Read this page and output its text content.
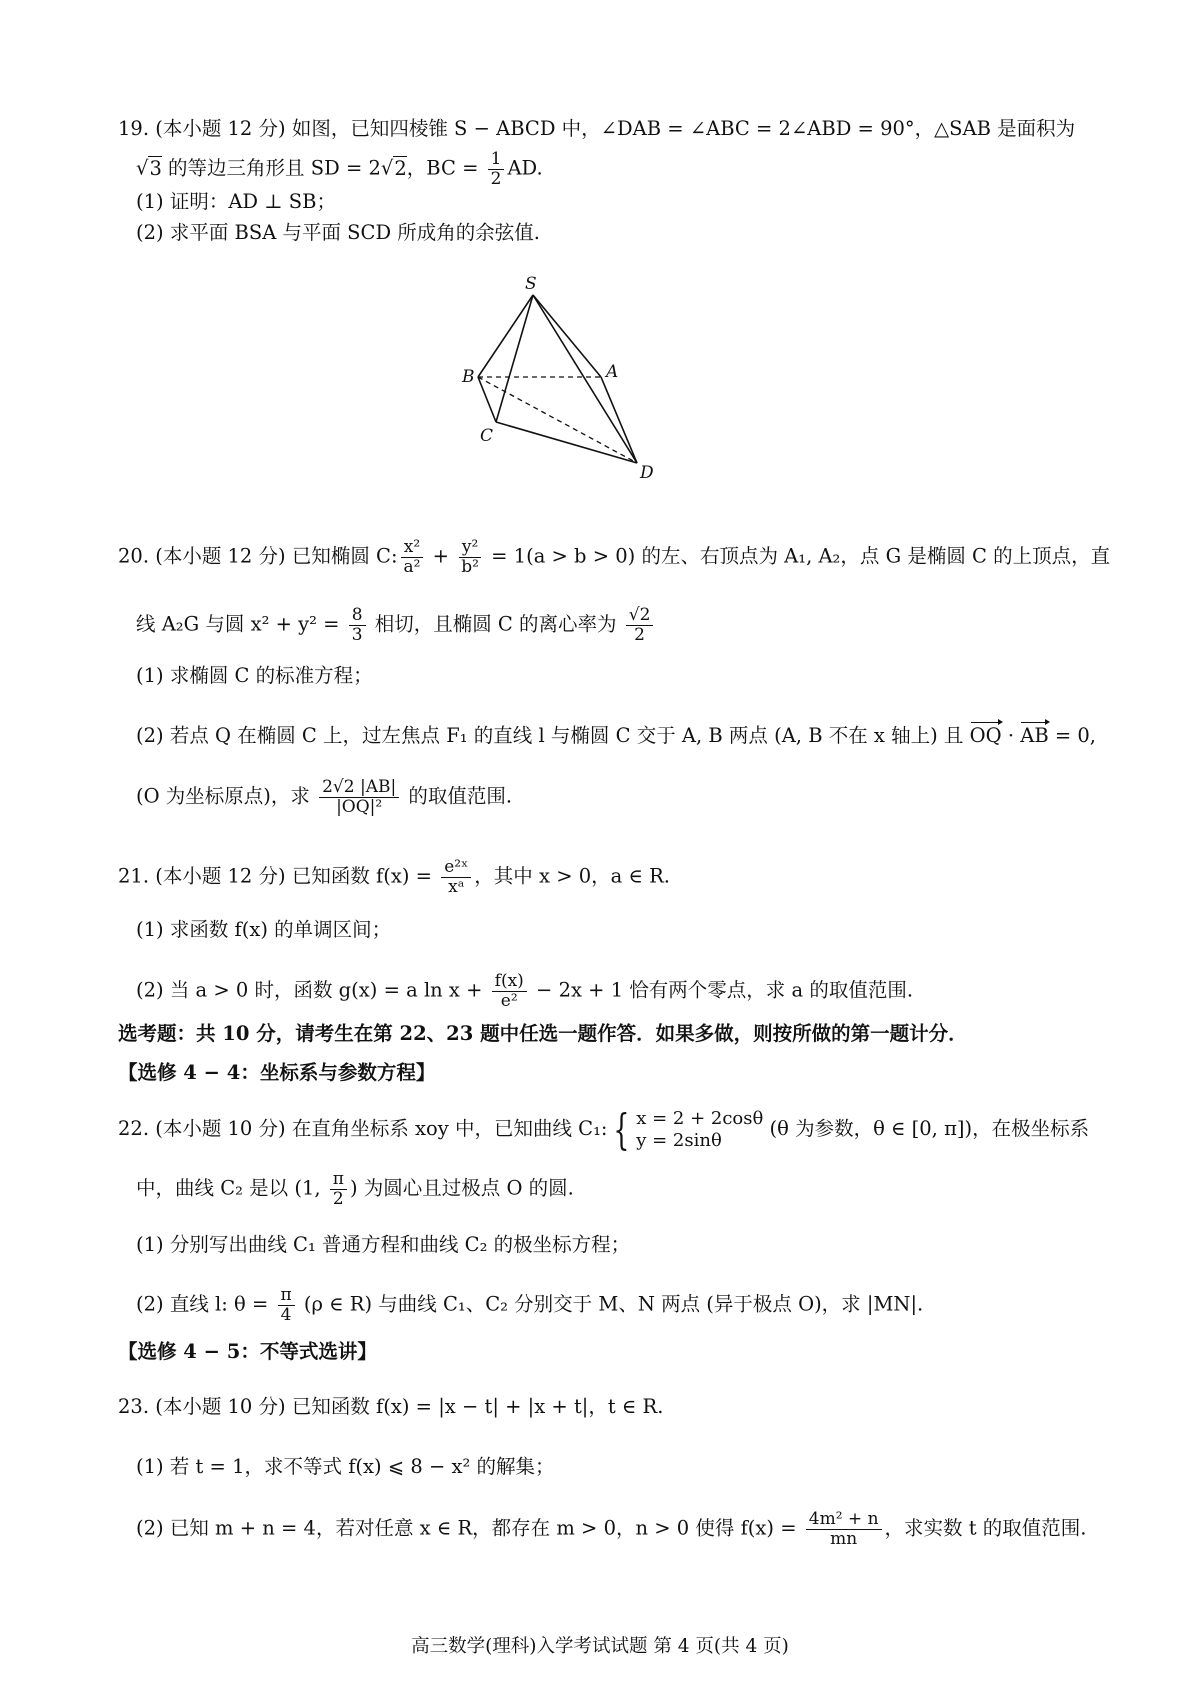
19. (本小题 12 分) 如图，已知四棱锥 S − ABCD 中，∠DAB = ∠ABC = 2∠ABD = 90°，△SAB 是面积为
√3 的等边三角形且 SD = 2√2，BC = $\frac{1}{2}$ AD.
(1) 证明：AD ⊥ SB；
(2) 求平面 BSA 与平面 SCD 所成角的余弦值.
S
A
B
C
D
20. (本小题 12 分) 已知椭圆 C: $\frac{\text{x²}}{\text{a²}} + \frac{\text{y²}}{\text{b²}} = 1(a > b > 0)$ 的左、右顶点为 A₁, A₂，点 G 是椭圆 C 的上顶点，直
线 A₂G 与圆 $x^2 + y^2 = \frac{8}{3}$ 相切，且椭圆 C 的离心率为 $\frac{√2}{2}$
(1) 求椭圆 C 的标准方程；
(2) 若点 Q 在椭圆 C 上，过左焦点 F₁ 的直线 l 与椭圆 C 交于 A, B 两点 (A, B 不在 x 轴上) 且 OQ · AB = 0,
(O 为坐标原点)，求 $\frac{2√2 |AB|}{\text{|OQ|²}}$ 的取值范围.
21. (本小题 12 分) 已知函数 $f(x) = \frac{\text{e²ˣ}}{\text{xᵃ}}$ ，其中 x > 0，a ∈ R.
(1) 求函数 f(x) 的单调区间；
(2) 当 a > 0 时，函数 g(x) = a $\ln x + \frac{f(x)}{\text{e²}} - 2x + 1$ 恰有两个零点，求 a 的取值范围.
选考题：共 10 分，请考生在第 22、23 题中任选一题作答．如果多做，则按所做的第一题计分．
【选修 4 − 4：坐标系与参数方程】
22. (本小题 10 分) 在直角坐标系 xoy 中，已知曲线 C₁: { x = 2 + 2cosθ
y = 2sinθ	(θ 为参数，θ ∈ [0, π])，在极坐标系
中，曲线 C₂ 是以 (1, $\frac{\pi}{2}$ ) 为圆心且过极点 O 的圆.
(1) 分别写出曲线 C₁ 普通方程和曲线 C₂ 的极坐标方程；
(2) 直线 l: $\theta = \frac{\pi}{4} (\rho$ ∈ R) 与曲线 C₁、C₂ 分别交于 M、N 两点 (异于极点 O)，求 |MN|.
【选修 4 − 5：不等式选讲】
23. (本小题 10 分) 已知函数 f(x) = |x − t| + |x + t|，t ∈ R.
(1) 若 t = 1，求不等式 f(x) ⩽ 8 − x² 的解集；
(2) 已知 m + n = 4，若对任意 x ∈ R，都存在 m > 0，n > 0 使得 $f(x) = \frac{\text{4m² + n}}{mn}$ ，求实数 t 的取值范围.
高三数学(理科)入学考试试题 第 4 页(共 4 页)
